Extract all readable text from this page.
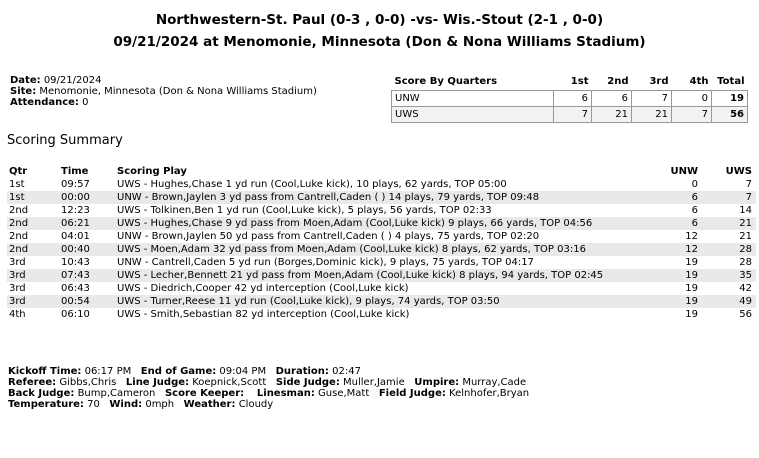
Northwestern-St. Paul (0-3 , 0-0) -vs- Wis.-Stout (2-1 , 0-0)
09/21/2024 at Menomonie, Minnesota (Don & Nona Williams Stadium)
Date: 09/21/2024
Site: Menomonie, Minnesota (Don & Nona Williams Stadium)
Attendance: 0
Score By Quarters	1st	2nd	3rd	4th	Total
UNW	6	6	7	0	19
UWS	7	21	21	7	56
Scoring Summary
Qtr	Time	Scoring Play	UNW	UWS
1st	09:57	UWS - Hughes,Chase 1 yd run (Cool,Luke kick), 10 plays, 62 yards, TOP 05:00	0	7
1st	00:00	UNW - Brown,Jaylen 3 yd pass from Cantrell,Caden ( ) 14 plays, 79 yards, TOP 09:48	6	7
2nd	12:23	UWS - Tolkinen,Ben 1 yd run (Cool,Luke kick), 5 plays, 56 yards, TOP 02:33	6	14
2nd	06:21	UWS - Hughes,Chase 9 yd pass from Moen,Adam (Cool,Luke kick) 9 plays, 66 yards, TOP 04:56	6	21
2nd	04:01	UNW - Brown,Jaylen 50 yd pass from Cantrell,Caden ( ) 4 plays, 75 yards, TOP 02:20	12	21
2nd	00:40	UWS - Moen,Adam 32 yd pass from Moen,Adam (Cool,Luke kick) 8 plays, 62 yards, TOP 03:16	12	28
3rd	10:43	UNW - Cantrell,Caden 5 yd run (Borges,Dominic kick), 9 plays, 75 yards, TOP 04:17	19	28
3rd	07:43	UWS - Lecher,Bennett 21 yd pass from Moen,Adam (Cool,Luke kick) 8 plays, 94 yards, TOP 02:45	19	35
3rd	06:43	UWS - Diedrich,Cooper 42 yd interception (Cool,Luke kick)	19	42
3rd	00:54	UWS - Turner,Reese 11 yd run (Cool,Luke kick), 9 plays, 74 yards, TOP 03:50	19	49
4th	06:10	UWS - Smith,Sebastian 82 yd interception (Cool,Luke kick)	19	56
Kickoff Time: 06:17 PM End of Game: 09:04 PM Duration: 02:47
Referee: Gibbs,Chris Line Judge: Koepnick,Scott Side Judge: Muller,Jamie Umpire: Murray,Cade
Back Judge: Bump,Cameron Score Keeper: Linesman: Guse,Matt Field Judge: Kelnhofer,Bryan
Temperature: 70 Wind: 0mph Weather: Cloudy
